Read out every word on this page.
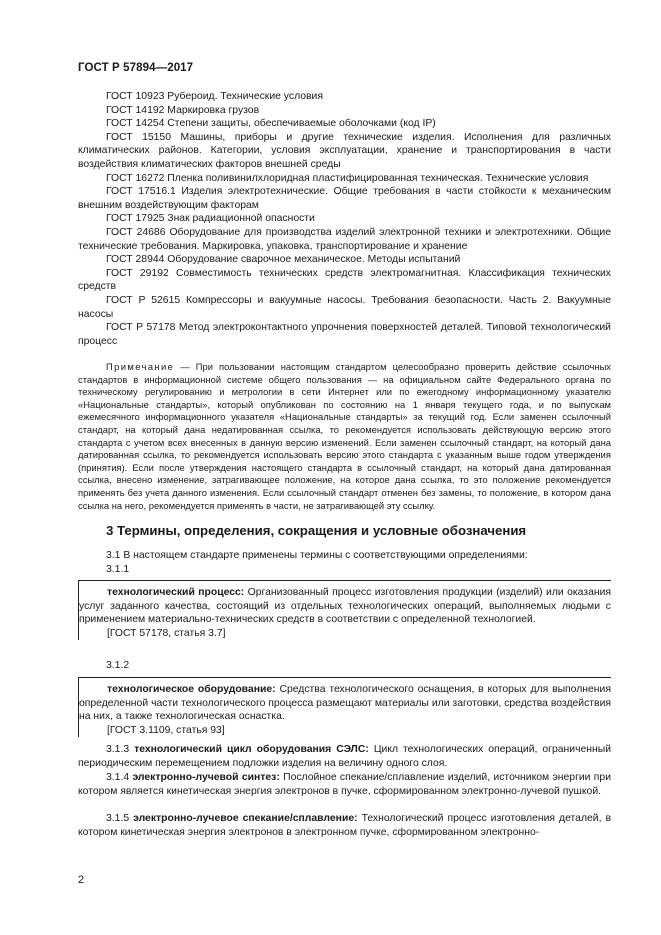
ГОСТ Р 57894—2017

ГОСТ 10923 Рубероид. Технические условия

ГОСТ 14192 Маркировка грузов

ГОСТ 14254 Степени защиты, обеспечиваемые оболочками (код IP)

ГОСТ 15150 Машины, приборы и другие технические изделия. Исполнения для различных климатических районов. Категории, условия эксплуатации, хранение и транспортирования в части воздействия климатических факторов внешней среды

ГОСТ 16272 Пленка поливинилхлоридная пластифицированная техническая. Технические условия

ГОСТ 17516.1 Изделия электротехнические. Общие требования в части стойкости к механическим внешним воздействующим факторам

ГОСТ 17925 Знак радиационной опасности

ГОСТ 24686 Оборудование для производства изделий электронной техники и электротехники. Общие технические требования. Маркировка, упаковка, транспортирование и хранение

ГОСТ 28944 Оборудование сварочное механическое. Методы испытаний

ГОСТ 29192 Совместимость технических средств электромагнитная. Классификация технических средств

ГОСТ Р 52615 Компрессоры и вакуумные насосы. Требования безопасности. Часть 2. Вакуумные насосы

ГОСТ Р 57178 Метод электроконтактного упрочнения поверхностей деталей. Типовой технологический процесс

Примечание — При пользовании настоящим стандартом целесообразно проверить действие ссылочных стандартов в информационной системе общего пользования — на официальном сайте Федерального органа по техническому регулированию и метрологии в сети Интернет или по ежегодному информационному указателю «Национальные стандарты», который опубликован по состоянию на 1 января текущего года, и по выпускам ежемесячного информационного указателя «Национальные стандарты» за текущий год. Если заменен ссылочный стандарт, на который дана недатированная ссылка, то рекомендуется использовать действующую версию этого стандарта с учетом всех внесенных в данную версию изменений. Если заменен ссылочный стандарт, на который дана датированная ссылка, то рекомендуется использовать версию этого стандарта с указанным выше годом утверждения (принятия). Если после утверждения настоящего стандарта в ссылочный стандарт, на который дана датированная ссылка, внесено изменение, затрагивающее положение, на которое дана ссылка, то это положение рекомендуется применять без учета данного изменения. Если ссылочный стандарт отменен без замены, то положение, в котором дана ссылка на него, рекомендуется применять в части, не затрагивающей эту ссылку.

3 Термины, определения, сокращения и условные обозначения

3.1 В настоящем стандарте применены термины с соответствующими определениями:

3.1.1

технологический процесс: Организованный процесс изготовления продукции (изделий) или оказания услуг заданного качества, состоящий из отдельных технологических операций, выполняемых людьми с применением материально-технических средств в соответствии с определенной технологией.

[ГОСТ 57178, статья 3.7]

3.1.2

технологическое оборудование: Средства технологического оснащения, в которых для выполнения определенной части технологического процесса размещают материалы или заготовки, средства воздействия на них, а также технологическая оснастка.

[ГОСТ 3.1109, статья 93]

3.1.3 технологический цикл оборудования СЭЛС: Цикл технологических операций, ограниченный периодическим перемещением подложки изделия на величину одного слоя.

3.1.4 электронно-лучевой синтез: Послойное спекание/сплавление изделий, источником энергии при котором является кинетическая энергия электронов в пучке, сформированном электронно-лучевой пушкой.

3.1.5 электронно-лучевое спекание/сплавление: Технологический процесс изготовления деталей, в котором кинетическая энергия электронов в электронном пучке, сформированном электронно-

2
